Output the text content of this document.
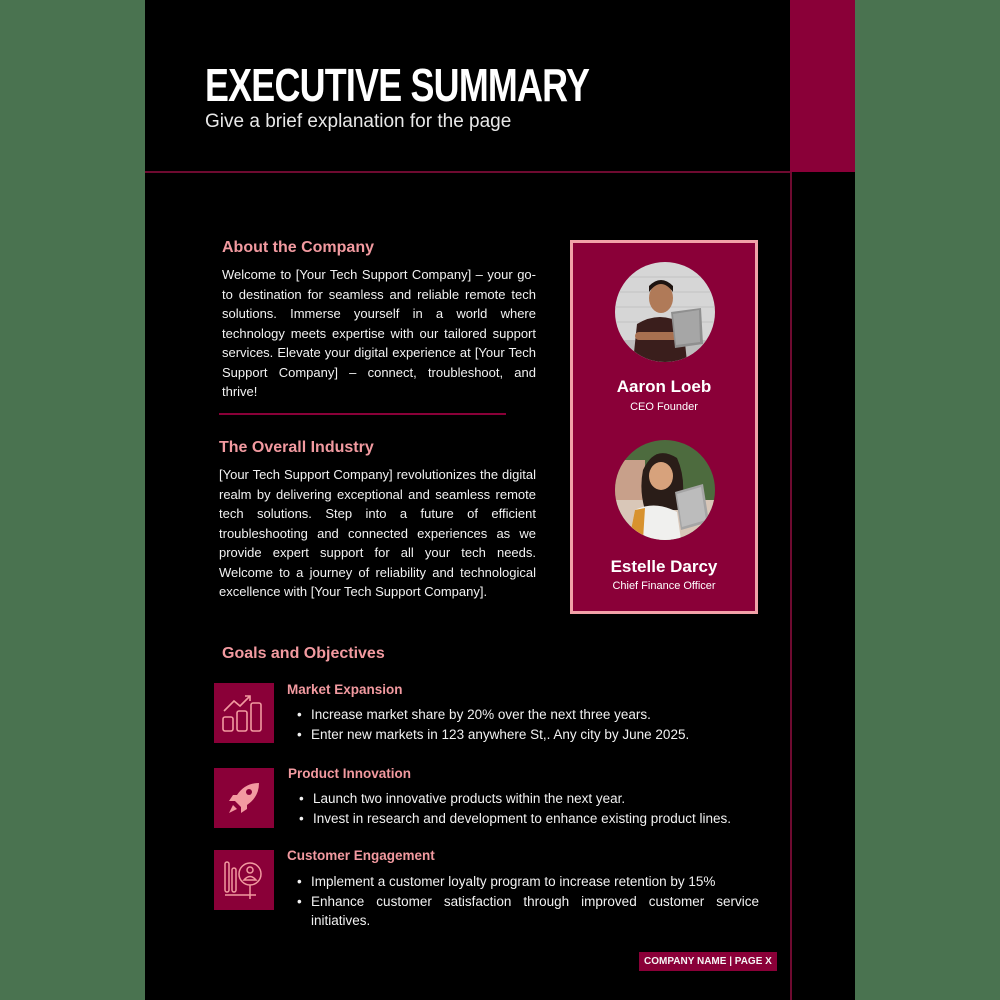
EXECUTIVE SUMMARY
Give a brief explanation for the page
About the Company
Welcome to [Your Tech Support Company] – your go-to destination for seamless and reliable remote tech solutions. Immerse yourself in a world where technology meets expertise with our tailored support services. Elevate your digital experience at [Your Tech Support Company] – connect, troubleshoot, and thrive!
The Overall Industry
[Your Tech Support Company] revolutionizes the digital realm by delivering exceptional and seamless remote tech solutions. Step into a future of efficient troubleshooting and connected experiences as we provide expert support for all your tech needs. Welcome to a journey of reliability and technological excellence with [Your Tech Support Company].
Aaron Loeb
CEO Founder
Estelle Darcy
Chief Finance Officer
Goals and Objectives
Market Expansion
• Increase market share by 20% over the next three years.
• Enter new markets in 123 anywhere St,. Any city by June 2025.
Product Innovation
• Launch two innovative products within the next year.
• Invest in research and development to enhance existing product lines.
Customer Engagement
• Implement a customer loyalty program to increase retention by 15%
• Enhance customer satisfaction through improved customer service initiatives.
COMPANY NAME | PAGE X
